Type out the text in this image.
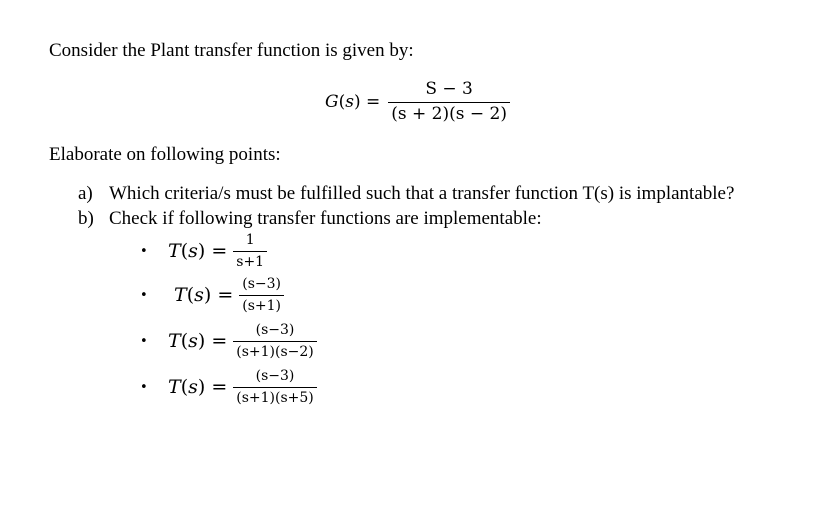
Consider the Plant transfer function is given by:
$G(s) = \frac{S - 3}{(s + 2)(s - 2)}$
Elaborate on following points:
a) Which criteria/s must be fulfilled such that a transfer function T(s) is implantable?
b) Check if following transfer functions are implementable:
•	$T(s) = \frac{1}{s+1}$
•	$T(s) = \frac{(s-3)}{(s+1)}$
•	$T(s) = \frac{(s-3)}{(s+1)(s-2)}$
•	$T(s) = \frac{(s-3)}{(s+1)(s+5)}$
